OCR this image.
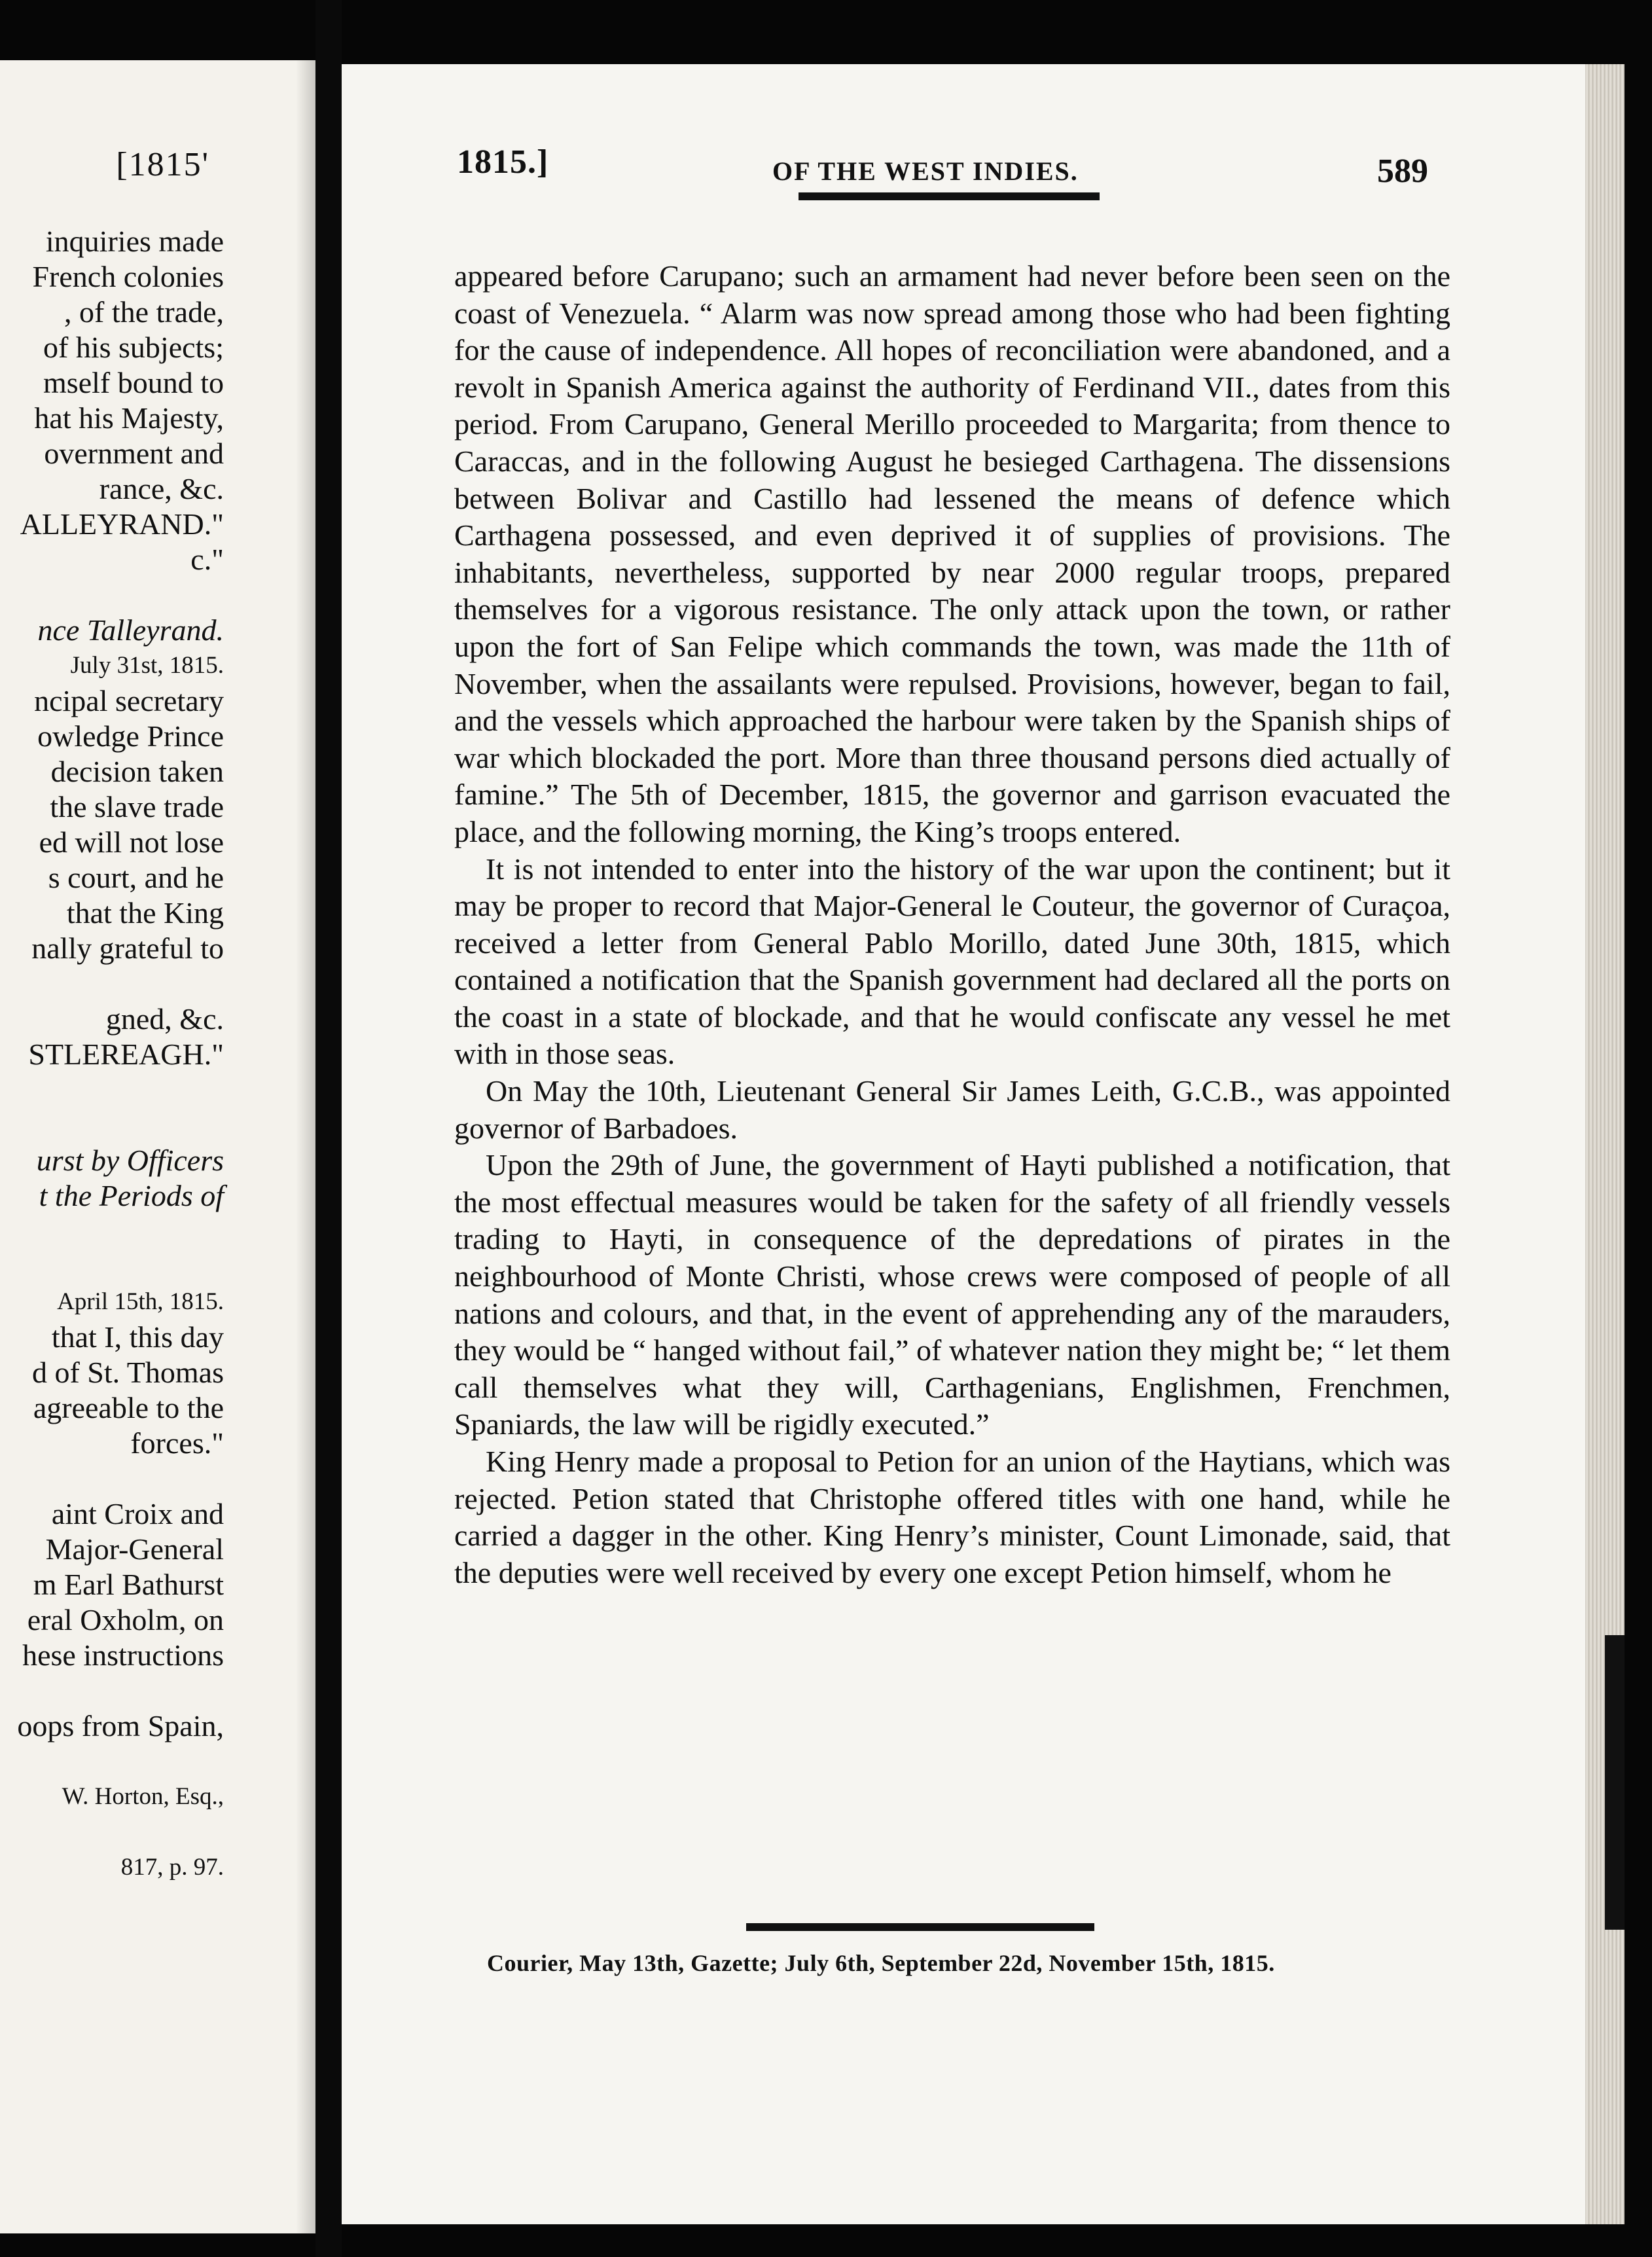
[1815'
inquiries made
French colonies
, of the trade,
of his subjects;
mself bound to
hat his Majesty,
overnment and
rance, &c.
ALLEYRAND."
c."
nce Talleyrand.
July 31st, 1815.
ncipal secretary
owledge Prince
decision taken
the slave trade
ed will not lose
s court, and he
that the King
nally grateful to
gned, &c.
STLEREAGH."
urst by Officers
t the Periods of
April 15th, 1815.
that I, this day
d of St. Thomas
agreeable to the
forces."
aint Croix and
Major-General
m Earl Bathurst
eral Oxholm, on
hese instructions
oops from Spain,
W. Horton, Esq.,
817, p. 97.
1815.]	OF THE WEST INDIES.	589

appeared before Carupano; such an armament had never before been seen on the coast of Venezuela. “ Alarm was now spread among those who had been fighting for the cause of independence. All hopes of reconciliation were abandoned, and a revolt in Spanish America against the authority of Ferdinand VII., dates from this period. From Carupano, General Merillo proceeded to Margarita; from thence to Caraccas, and in the following August he besieged Carthagena. The dissensions between Bolivar and Castillo had lessened the means of defence which Carthagena possessed, and even deprived it of supplies of provisions. The inhabitants, nevertheless, supported by near 2000 regular troops, prepared themselves for a vigorous resistance. The only attack upon the town, or rather upon the fort of San Felipe which commands the town, was made the 11th of November, when the assailants were repulsed. Provisions, however, began to fail, and the vessels which approached the harbour were taken by the Spanish ships of war which blockaded the port. More than three thousand persons died actually of famine.” The 5th of December, 1815, the governor and garrison evacuated the place, and the following morning, the King’s troops entered.

It is not intended to enter into the history of the war upon the continent; but it may be proper to record that Major-General le Couteur, the governor of Curaçoa, received a letter from General Pablo Morillo, dated June 30th, 1815, which contained a notification that the Spanish government had declared all the ports on the coast in a state of blockade, and that he would confiscate any vessel he met with in those seas.

On May the 10th, Lieutenant General Sir James Leith, G.C.B., was appointed governor of Barbadoes.

Upon the 29th of June, the government of Hayti published a notification, that the most effectual measures would be taken for the safety of all friendly vessels trading to Hayti, in consequence of the depredations of pirates in the neighbourhood of Monte Christi, whose crews were composed of people of all nations and colours, and that, in the event of apprehending any of the marauders, they would be “ hanged without fail,” of whatever nation they might be; “ let them call themselves what they will, Carthagenians, Englishmen, Frenchmen, Spaniards, the law will be rigidly executed.”

King Henry made a proposal to Petion for an union of the Haytians, which was rejected. Petion stated that Christophe offered titles with one hand, while he carried a dagger in the other. King Henry’s minister, Count Limonade, said, that the deputies were well received by every one except Petion himself, whom he

Courier, May 13th, Gazette; July 6th, September 22d, November 15th, 1815.
